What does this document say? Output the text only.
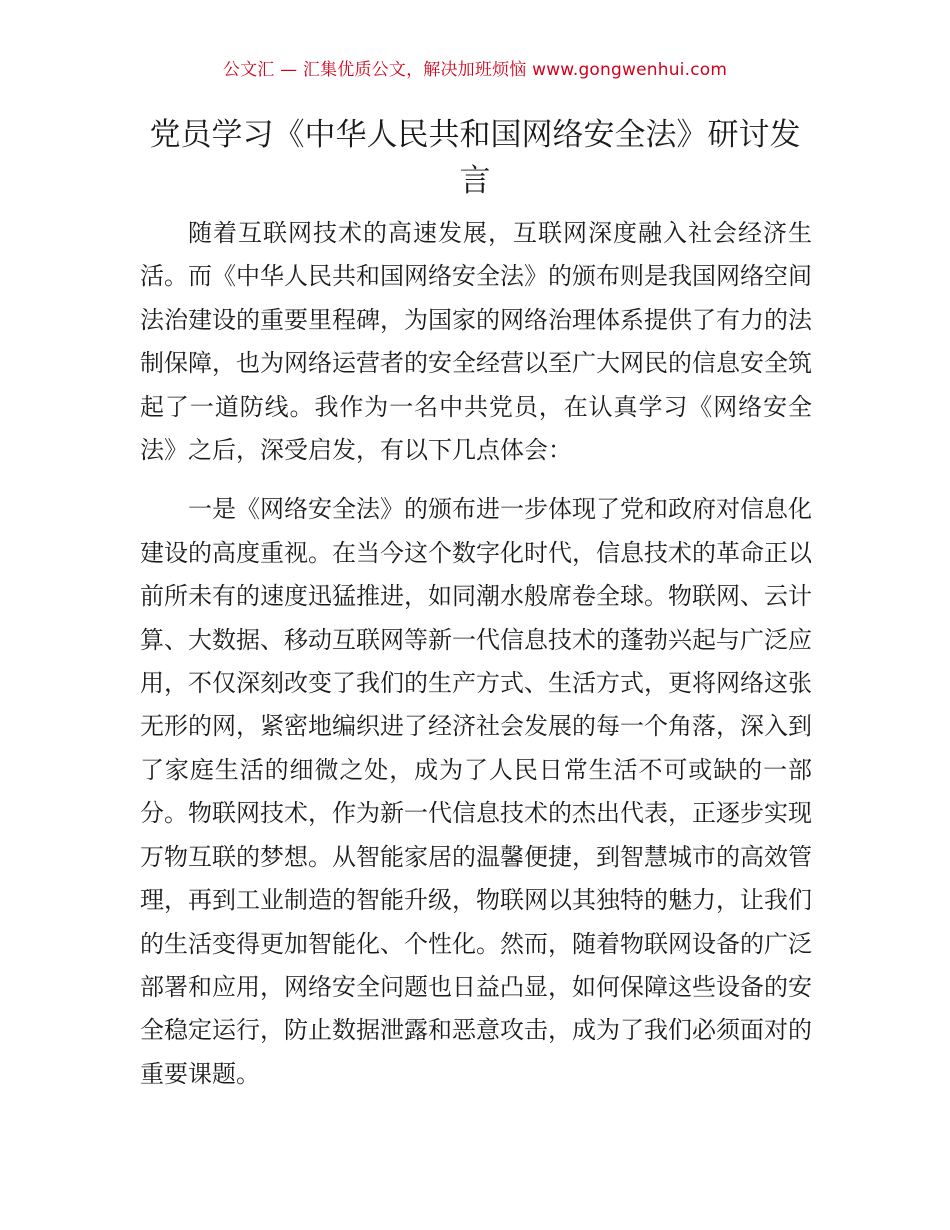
公文汇 — 汇集优质公文，解决加班烦恼 www.gongwenhui.com
党员学习《中华人民共和国网络安全法》研讨发言

随着互联网技术的高速发展，互联网深度融入社会经济生活。而《中华人民共和国网络安全法》的颁布则是我国网络空间法治建设的重要里程碑，为国家的网络治理体系提供了有力的法制保障，也为网络运营者的安全经营以至广大网民的信息安全筑起了一道防线。我作为一名中共党员，在认真学习《网络安全法》之后，深受启发，有以下几点体会：

一是《网络安全法》的颁布进一步体现了党和政府对信息化建设的高度重视。在当今这个数字化时代，信息技术的革命正以前所未有的速度迅猛推进，如同潮水般席卷全球。物联网、云计算、大数据、移动互联网等新一代信息技术的蓬勃兴起与广泛应用，不仅深刻改变了我们的生产方式、生活方式，更将网络这张无形的网，紧密地编织进了经济社会发展的每一个角落，深入到了家庭生活的细微之处，成为了人民日常生活不可或缺的一部分。物联网技术，作为新一代信息技术的杰出代表，正逐步实现万物互联的梦想。从智能家居的温馨便捷，到智慧城市的高效管理，再到工业制造的智能升级，物联网以其独特的魅力，让我们的生活变得更加智能化、个性化。然而，随着物联网设备的广泛部署和应用，网络安全问题也日益凸显，如何保障这些设备的安全稳定运行，防止数据泄露和恶意攻击，成为了我们必须面对的重要课题。
